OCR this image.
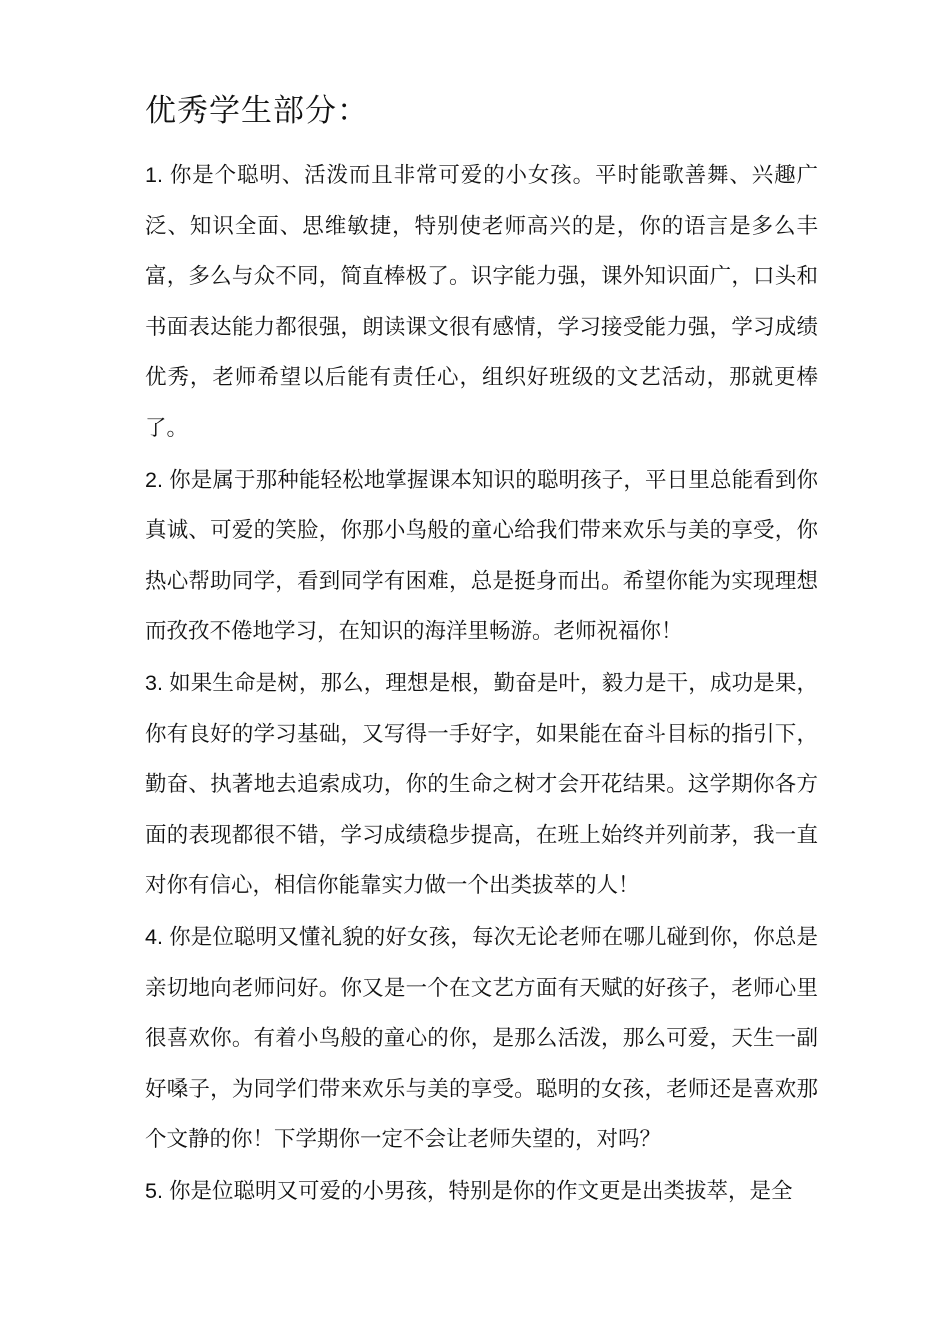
优秀学生部分：

1. 你是个聪明、活泼而且非常可爱的小女孩。平时能歌善舞、兴趣广泛、知识全面、思维敏捷，特别使老师高兴的是，你的语言是多么丰富，多么与众不同，简直棒极了。识字能力强，课外知识面广，口头和书面表达能力都很强，朗读课文很有感情，学习接受能力强，学习成绩优秀，老师希望以后能有责任心，组织好班级的文艺活动，那就更棒了。

2. 你是属于那种能轻松地掌握课本知识的聪明孩子，平日里总能看到你真诚、可爱的笑脸，你那小鸟般的童心给我们带来欢乐与美的享受，你热心帮助同学，看到同学有困难，总是挺身而出。希望你能为实现理想而孜孜不倦地学习，在知识的海洋里畅游。老师祝福你！

3. 如果生命是树，那么，理想是根，勤奋是叶，毅力是干，成功是果，你有良好的学习基础，又写得一手好字，如果能在奋斗目标的指引下，勤奋、执著地去追索成功，你的生命之树才会开花结果。这学期你各方面的表现都很不错，学习成绩稳步提高，在班上始终并列前茅，我一直对你有信心，相信你能靠实力做一个出类拔萃的人！

4. 你是位聪明又懂礼貌的好女孩，每次无论老师在哪儿碰到你，你总是亲切地向老师问好。你又是一个在文艺方面有天赋的好孩子，老师心里很喜欢你。有着小鸟般的童心的你，是那么活泼，那么可爱，天生一副好嗓子，为同学们带来欢乐与美的享受。聪明的女孩，老师还是喜欢那个文静的你！下学期你一定不会让老师失望的，对吗？

5. 你是位聪明又可爱的小男孩，特别是你的作文更是出类拔萃，是全
